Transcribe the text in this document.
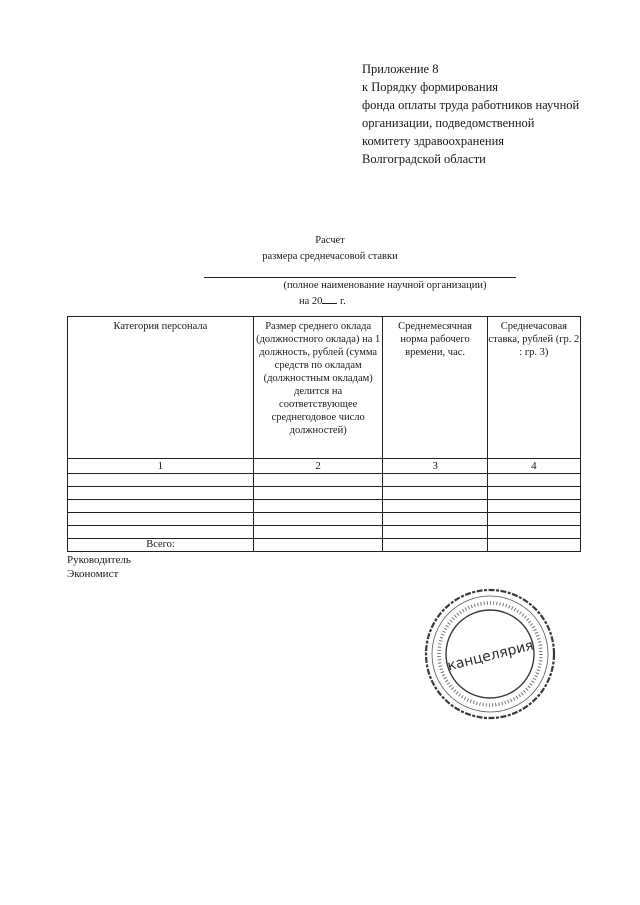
Приложение 8
к Порядку формирования
фонда оплаты труда работников научной
организации, подведомственной
комитету здравоохранения
Волгоградской области
Расчет
размера среднечасовой ставки
(полное наименование научной организации)
на 20 г.
Категория персонала	Размер среднего оклада (должностного оклада) на 1 должность, рублей (сумма средств по окладам (должностным окладам) делится на соответствующее среднегодовое число должностей)	Среднемесячная норма рабочего времени, час.	Среднечасовая ставка, рублей (гр. 2 : гр. 3)
1	2	3	4

Всего:			
Руководитель
Экономист
канцелярия
